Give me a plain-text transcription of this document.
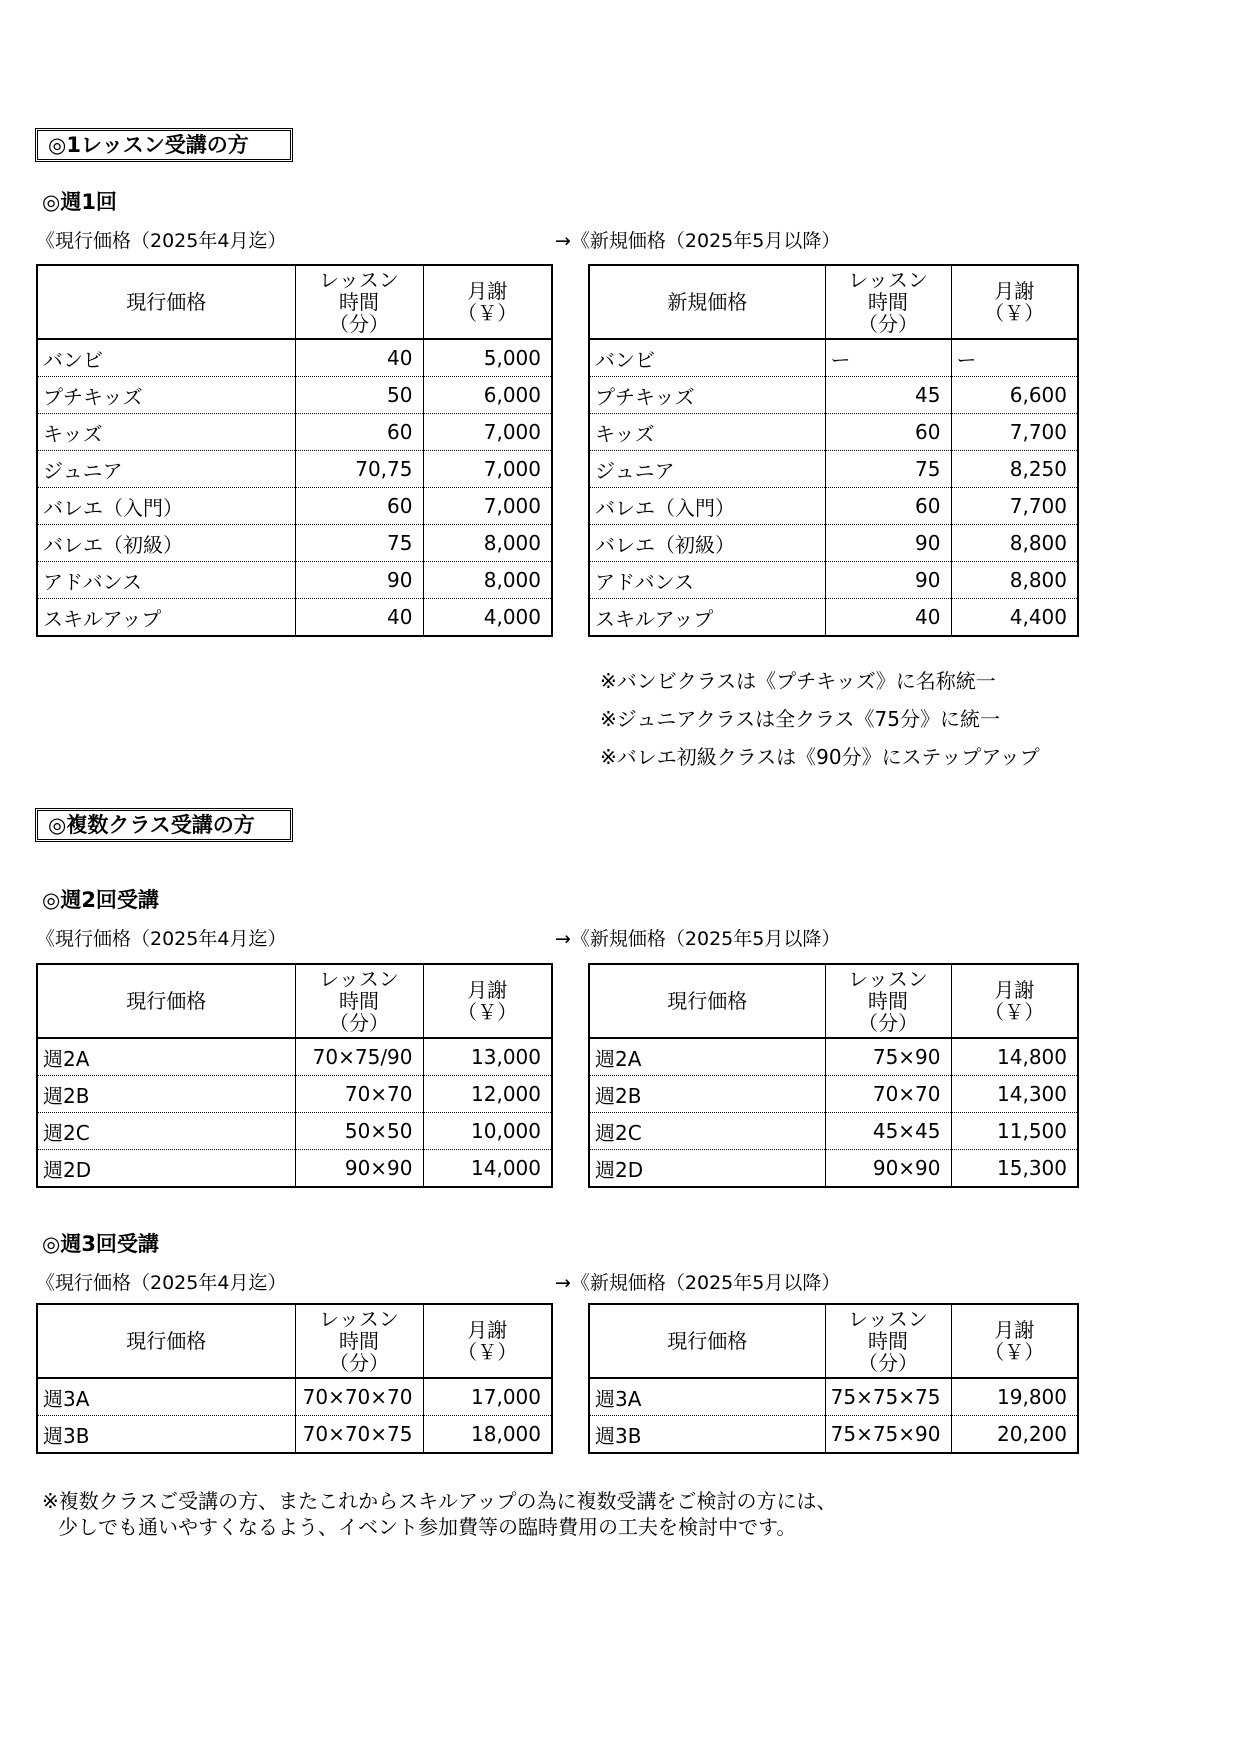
◎1レッスン受講の方
◎週1回
《現行価格（2025年4月迄）	→《新規価格（2025年5月以降）
現行価格	レッスン
時間
（分）	月謝
（￥）

バンビ	40	5,000
プチキッズ	50	6,000
キッズ	60	7,000
ジュニア	70,75	7,000
バレエ（入門）	60	7,000
バレエ（初級）	75	8,000
アドバンス	90	8,000
スキルアップ	40	4,000
新規価格	レッスン
時間
（分）	月謝
（￥）

バンビ	ー	ー
プチキッズ	45	6,600
キッズ	60	7,700
ジュニア	75	8,250
バレエ（入門）	60	7,700
バレエ（初級）	90	8,800
アドバンス	90	8,800
スキルアップ	40	4,400
※バンビクラスは《プチキッズ》に名称統一
※ジュニアクラスは全クラス《75分》に統一
※バレエ初級クラスは《90分》にステップアップ
◎複数クラス受講の方
◎週2回受講
《現行価格（2025年4月迄）	→《新規価格（2025年5月以降）
現行価格	レッスン
時間
（分）	月謝
（￥）

週2A	70×75/90	13,000
週2B	70×70	12,000
週2C	50×50	10,000
週2D	90×90	14,000
現行価格	レッスン
時間
（分）	月謝
（￥）

週2A	75×90	14,800
週2B	70×70	14,300
週2C	45×45	11,500
週2D	90×90	15,300
◎週3回受講
《現行価格（2025年4月迄）	→《新規価格（2025年5月以降）
現行価格	レッスン
時間
（分）	月謝
（￥）

週3A	70×70×70	17,000
週3B	70×70×75	18,000
現行価格	レッスン
時間
（分）	月謝
（￥）

週3A	75×75×75	19,800
週3B	75×75×90	20,200
※複数クラスご受講の方、またこれからスキルアップの為に複数受講をご検討の方には、
少しでも通いやすくなるよう、イベント参加費等の臨時費用の工夫を検討中です。
